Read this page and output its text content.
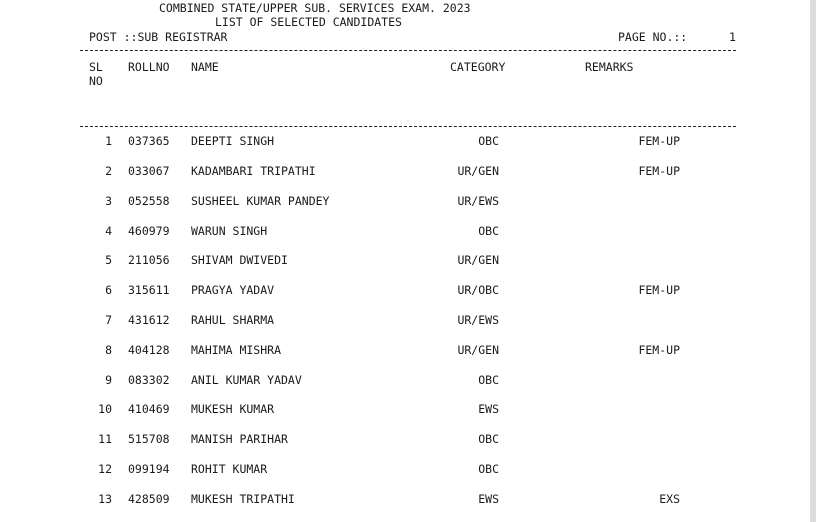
COMBINED STATE/UPPER SUB. SERVICES EXAM. 2023
LIST OF SELECTED CANDIDATES
POST ::SUB REGISTRAR	PAGE NO.::	1
SL
NO
ROLLNO NAME	CATEGORY	REMARKS
1 037365 DEEPTI SINGH	OBC	FEM-UP
2 033067 KADAMBARI TRIPATHI	UR/GEN	FEM-UP
3 052558 SUSHEEL KUMAR PANDEY	UR/EWS
4 460979 WARUN SINGH	OBC
5 211056 SHIVAM DWIVEDI	UR/GEN
6 315611 PRAGYA YADAV	UR/OBC	FEM-UP
7 431612 RAHUL SHARMA	UR/EWS
8 404128 MAHIMA MISHRA	UR/GEN	FEM-UP
9 083302 ANIL KUMAR YADAV	OBC
10 410469 MUKESH KUMAR	EWS
11 515708 MANISH PARIHAR	OBC
12 099194 ROHIT KUMAR	OBC
13 428509 MUKESH TRIPATHI	EWS	EXS
